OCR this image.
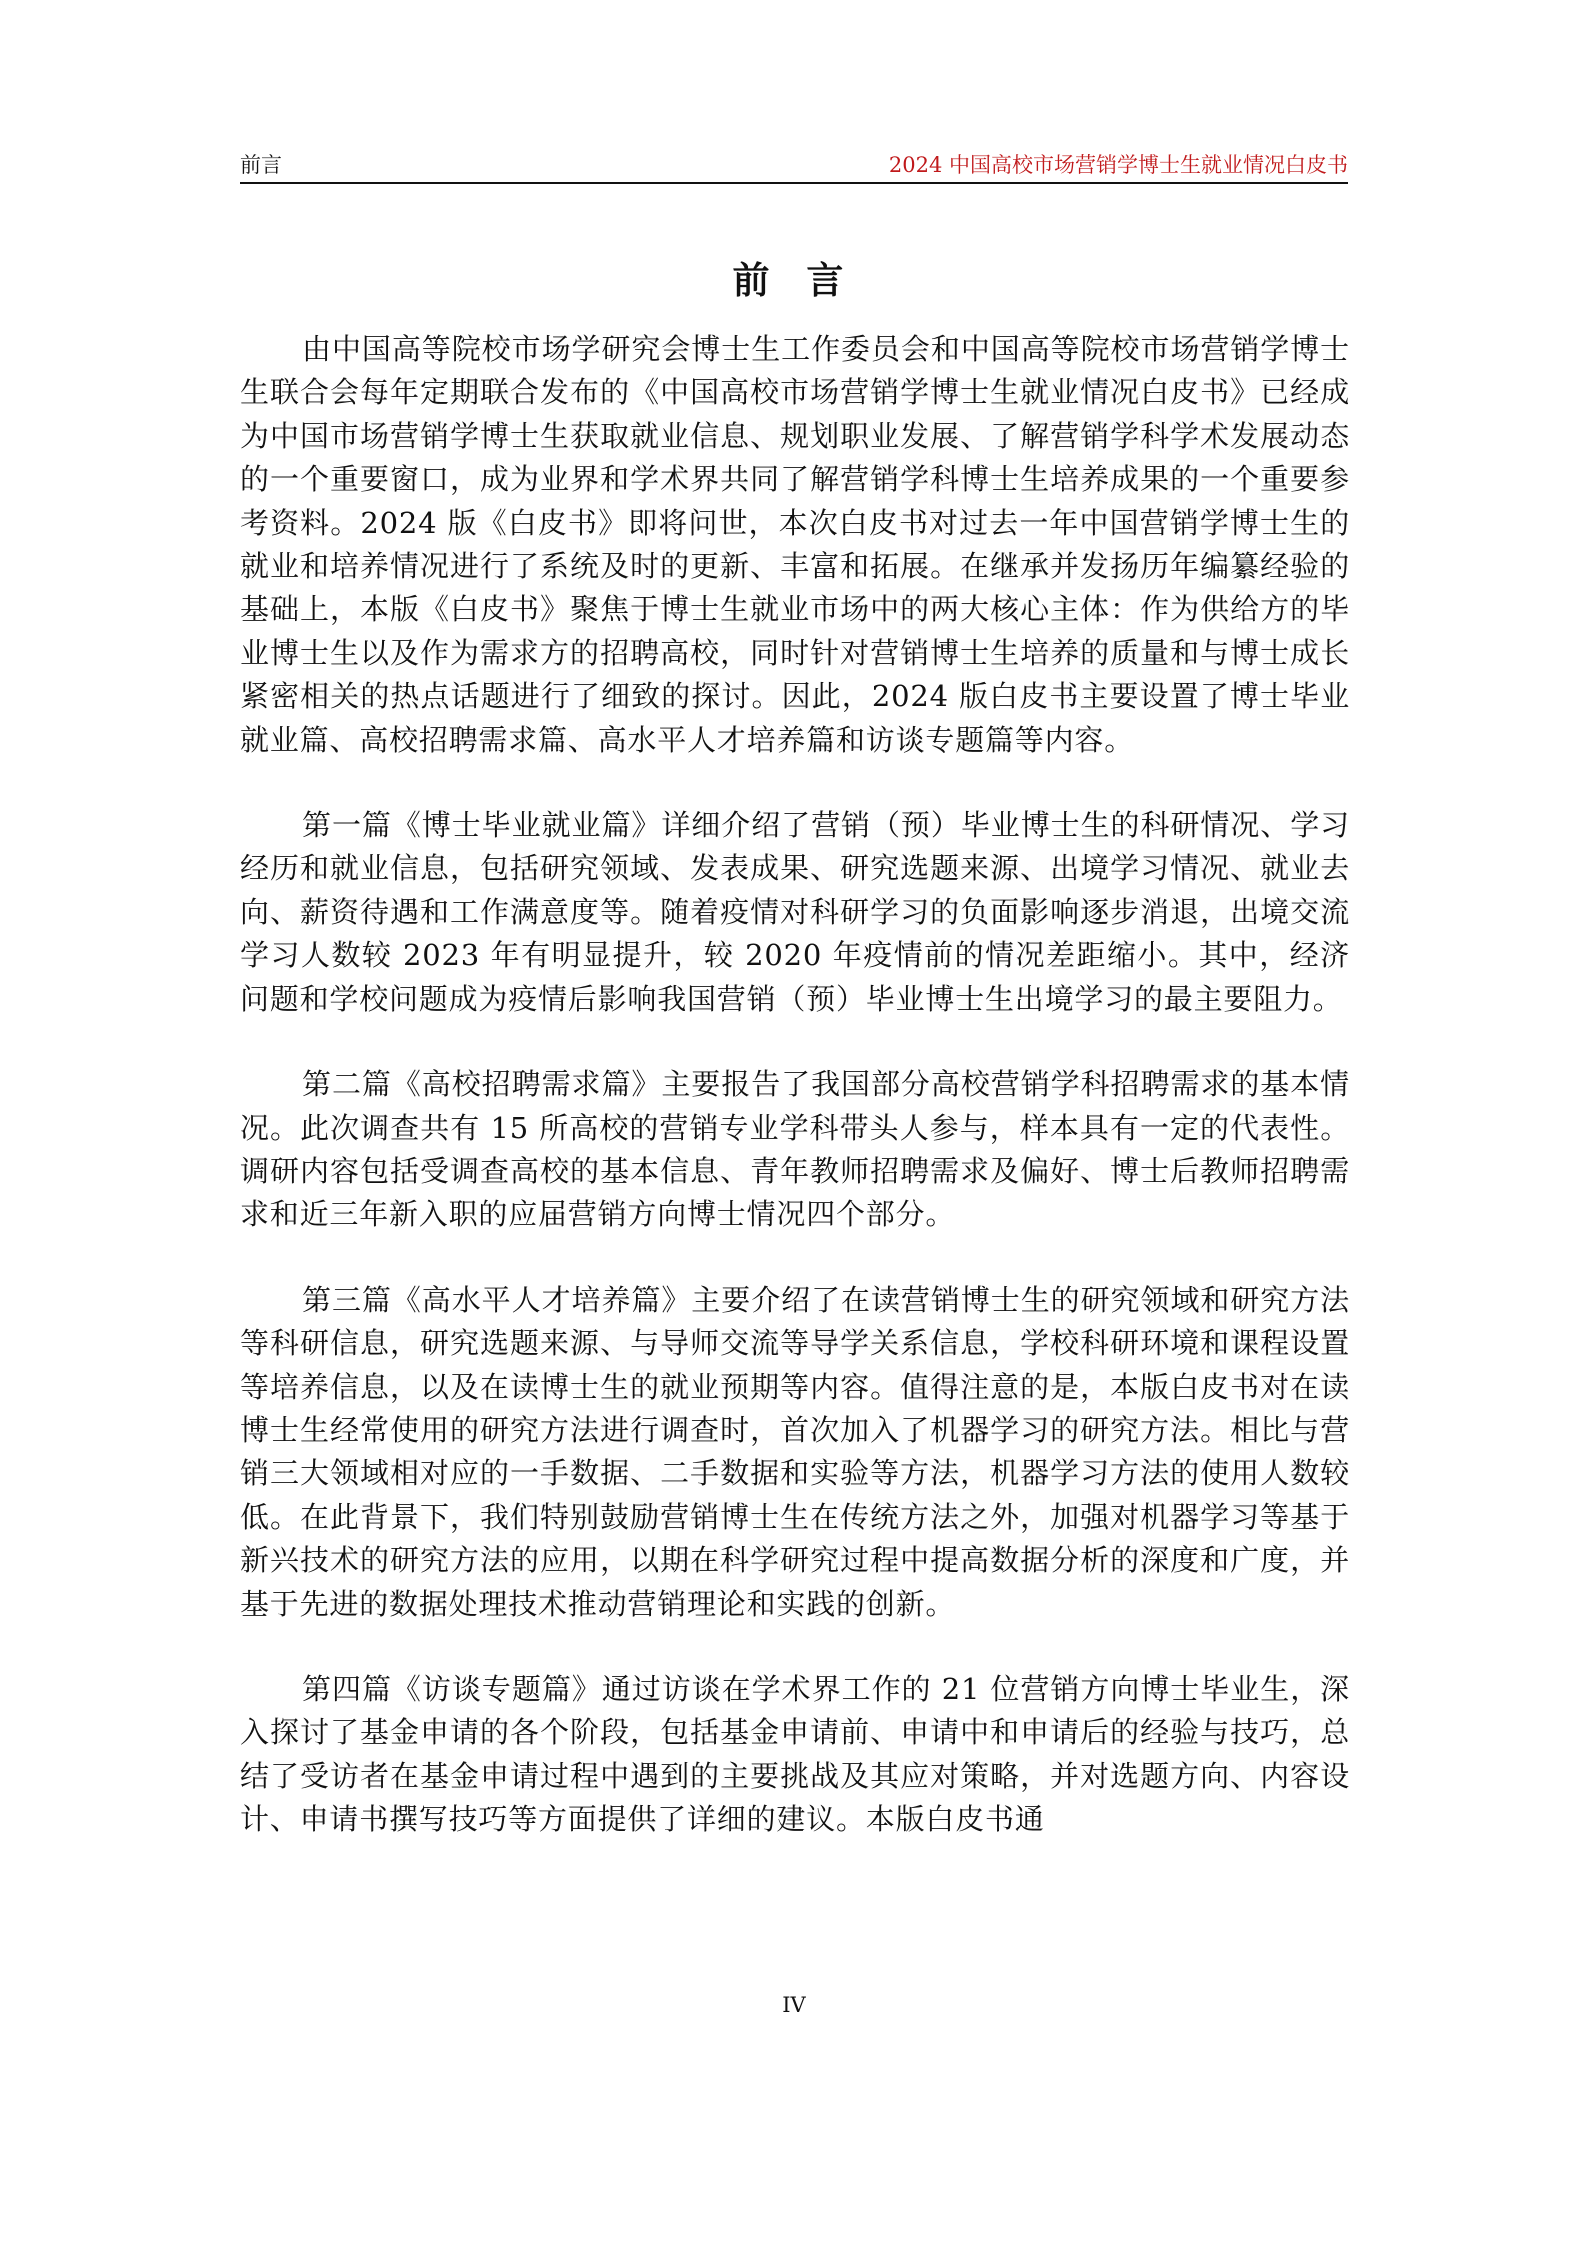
前言	2024 中国高校市场营销学博士生就业情况白皮书
前 言

由中国高等院校市场学研究会博士生工作委员会和中国高等院校市场营销学博士生联合会每年定期联合发布的《中国高校市场营销学博士生就业情况白皮书》已经成为中国市场营销学博士生获取就业信息、规划职业发展、了解营销学科学术发展动态的一个重要窗口，成为业界和学术界共同了解营销学科博士生培养成果的一个重要参考资料。2024 版《白皮书》即将问世，本次白皮书对过去一年中国营销学博士生的就业和培养情况进行了系统及时的更新、丰富和拓展。在继承并发扬历年编纂经验的基础上，本版《白皮书》聚焦于博士生就业市场中的两大核心主体：作为供给方的毕业博士生以及作为需求方的招聘高校，同时针对营销博士生培养的质量和与博士成长紧密相关的热点话题进行了细致的探讨。因此，2024 版白皮书主要设置了博士毕业就业篇、高校招聘需求篇、高水平人才培养篇和访谈专题篇等内容。

第一篇《博士毕业就业篇》详细介绍了营销（预）毕业博士生的科研情况、学习经历和就业信息，包括研究领域、发表成果、研究选题来源、出境学习情况、就业去向、薪资待遇和工作满意度等。随着疫情对科研学习的负面影响逐步消退，出境交流学习人数较 2023 年有明显提升，较 2020 年疫情前的情况差距缩小。其中，经济问题和学校问题成为疫情后影响我国营销（预）毕业博士生出境学习的最主要阻力。

第二篇《高校招聘需求篇》主要报告了我国部分高校营销学科招聘需求的基本情况。此次调查共有 15 所高校的营销专业学科带头人参与，样本具有一定的代表性。调研内容包括受调查高校的基本信息、青年教师招聘需求及偏好、博士后教师招聘需求和近三年新入职的应届营销方向博士情况四个部分。

第三篇《高水平人才培养篇》主要介绍了在读营销博士生的研究领域和研究方法等科研信息，研究选题来源、与导师交流等导学关系信息，学校科研环境和课程设置等培养信息，以及在读博士生的就业预期等内容。值得注意的是，本版白皮书对在读博士生经常使用的研究方法进行调查时，首次加入了机器学习的研究方法。相比与营销三大领域相对应的一手数据、二手数据和实验等方法，机器学习方法的使用人数较低。在此背景下，我们特别鼓励营销博士生在传统方法之外，加强对机器学习等基于新兴技术的研究方法的应用，以期在科学研究过程中提高数据分析的深度和广度，并基于先进的数据处理技术推动营销理论和实践的创新。

第四篇《访谈专题篇》通过访谈在学术界工作的 21 位营销方向博士毕业生，深入探讨了基金申请的各个阶段，包括基金申请前、申请中和申请后的经验与技巧，总结了受访者在基金申请过程中遇到的主要挑战及其应对策略，并对选题方向、内容设计、申请书撰写技巧等方面提供了详细的建议。本版白皮书通

IV
